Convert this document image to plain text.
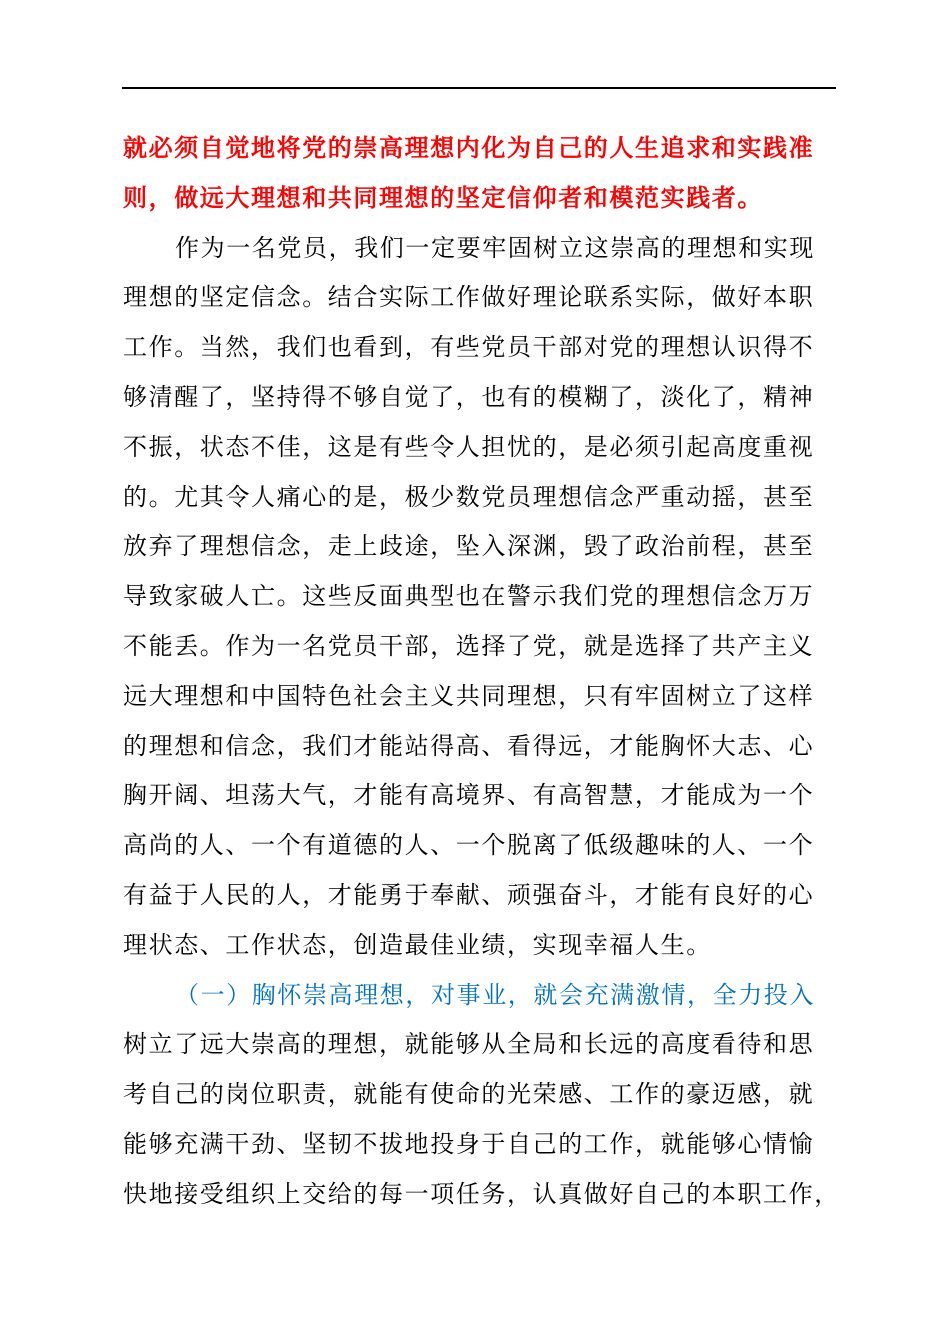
就必须自觉地将党的崇高理想内化为自己的人生追求和实践准
则，做远大理想和共同理想的坚定信仰者和模范实践者。
作为一名党员，我们一定要牢固树立这崇高的理想和实现
理想的坚定信念。结合实际工作做好理论联系实际，做好本职
工作。当然，我们也看到，有些党员干部对党的理想认识得不
够清醒了，坚持得不够自觉了，也有的模糊了，淡化了，精神
不振，状态不佳，这是有些令人担忧的，是必须引起高度重视
的。尤其令人痛心的是，极少数党员理想信念严重动摇，甚至
放弃了理想信念，走上歧途，坠入深渊，毁了政治前程，甚至
导致家破人亡。这些反面典型也在警示我们党的理想信念万万
不能丢。作为一名党员干部，选择了党，就是选择了共产主义
远大理想和中国特色社会主义共同理想，只有牢固树立了这样
的理想和信念，我们才能站得高、看得远，才能胸怀大志、心
胸开阔、坦荡大气，才能有高境界、有高智慧，才能成为一个
高尚的人、一个有道德的人、一个脱离了低级趣味的人、一个
有益于人民的人，才能勇于奉献、顽强奋斗，才能有良好的心
理状态、工作状态，创造最佳业绩，实现幸福人生。
（一）胸怀崇高理想，对事业，就会充满激情，全力投入
树立了远大崇高的理想，就能够从全局和长远的高度看待和思
考自己的岗位职责，就能有使命的光荣感、工作的豪迈感，就
能够充满干劲、坚韧不拔地投身于自己的工作，就能够心情愉
快地接受组织上交给的每一项任务，认真做好自己的本职工作，
